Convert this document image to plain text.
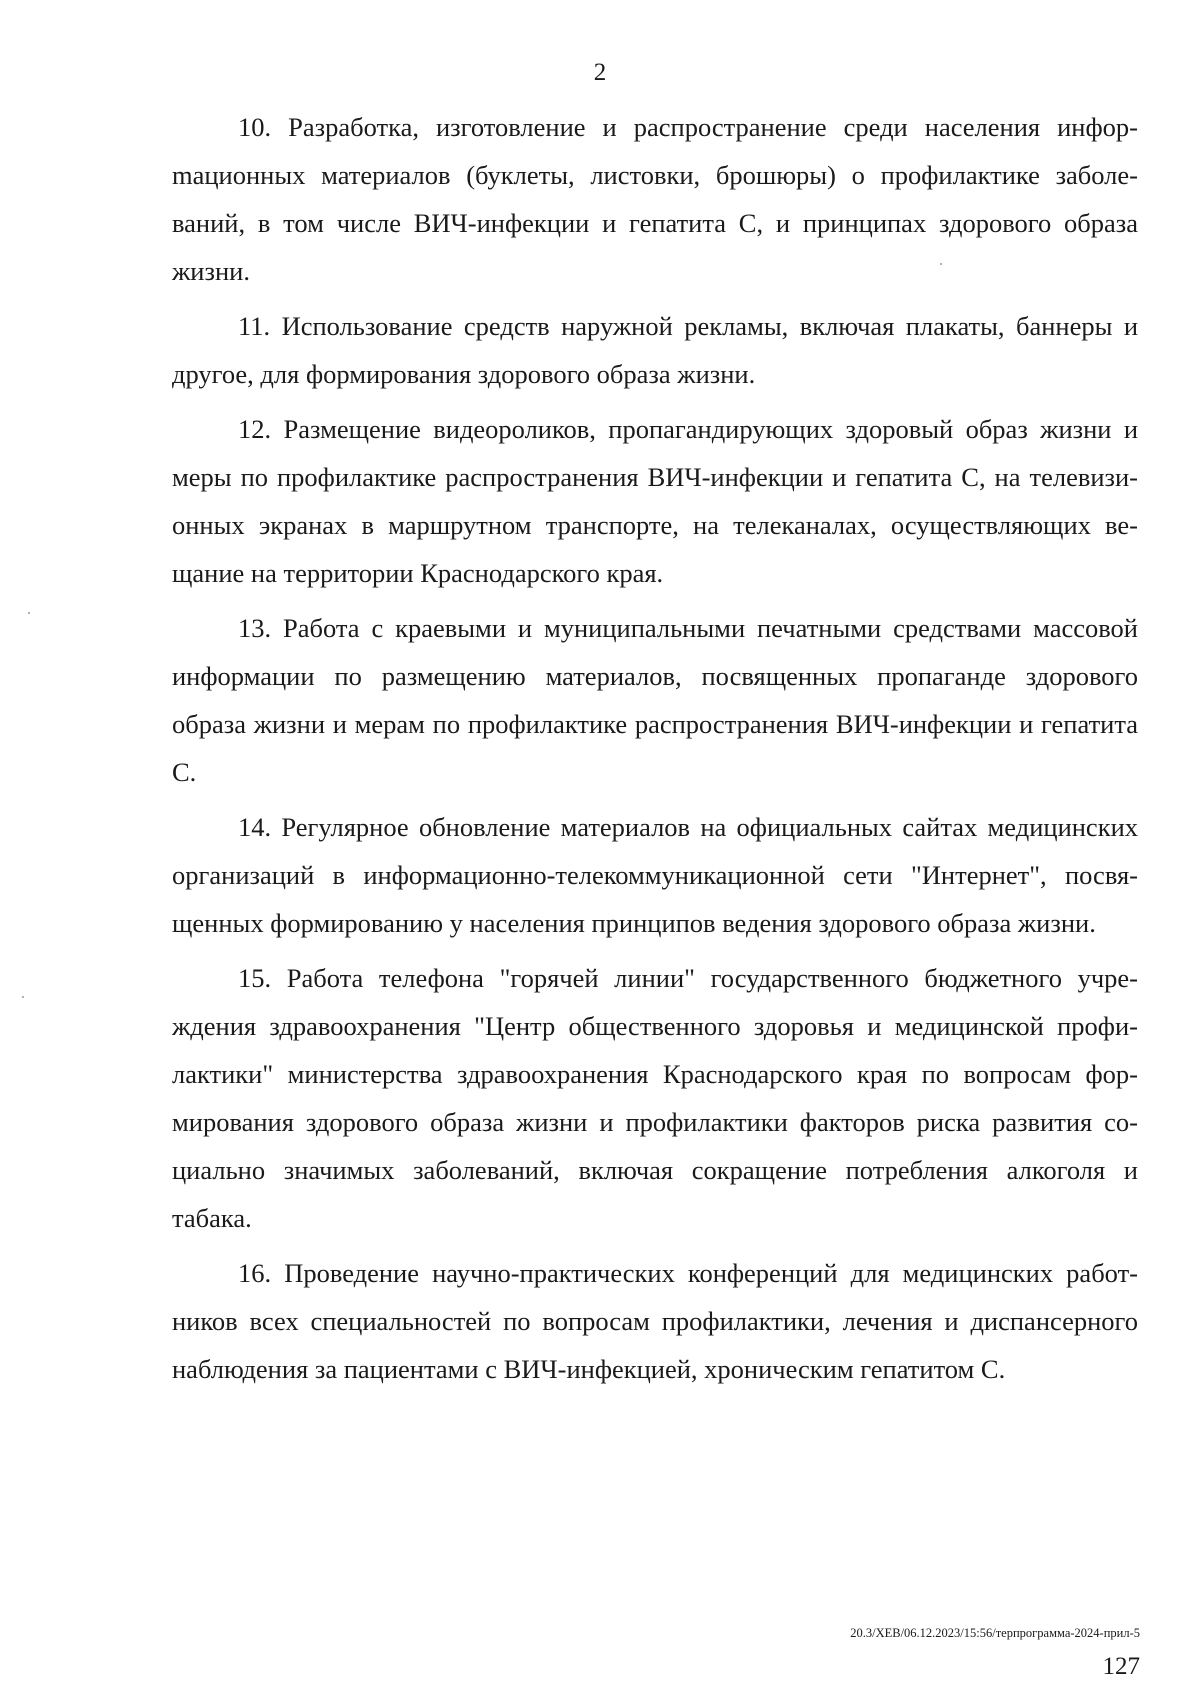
2

10. Разработка, изготовление и распространение среди населения инфорmационных материалов (буклеты, листовки, брошюры) о профилактике заболеваний, в том числе ВИЧ-инфекции и гепатита С, и принципах здорового образа жизни.

11. Использование средств наружной рекламы, включая плакаты, баннеры и другое, для формирования здорового образа жизни.

12. Размещение видеороликов, пропагандирующих здоровый образ жизни и меры по профилактике распространения ВИЧ-инфекции и гепатита С, на телевизионных экранах в маршрутном транспорте, на телеканалах, осуществляющих вещание на территории Краснодарского края.

13. Работа с краевыми и муниципальными печатными средствами массовой информации по размещению материалов, посвященных пропаганде здорового образа жизни и мерам по профилактике распространения ВИЧ-инфекции и гепатита С.

14. Регулярное обновление материалов на официальных сайтах медицинских организаций в информационно-телекоммуникационной сети "Интернет", посвященных формированию у населения принципов ведения здорового образа жизни.

15. Работа телефона "горячей линии" государственного бюджетного учреждения здравоохранения "Центр общественного здоровья и медицинской профилактики" министерства здравоохранения Краснодарского края по вопросам формирования здорового образа жизни и профилактики факторов риска развития социально значимых заболеваний, включая сокращение потребления алкоголя и табака.

16. Проведение научно-практических конференций для медицинских работников всех специальностей по вопросам профилактики, лечения и диспансерного наблюдения за пациентами с ВИЧ-инфекцией, хроническим гепатитом С.

20.3/ХЕВ/06.12.2023/15:56/терпрограмма-2024-прил-5
127
